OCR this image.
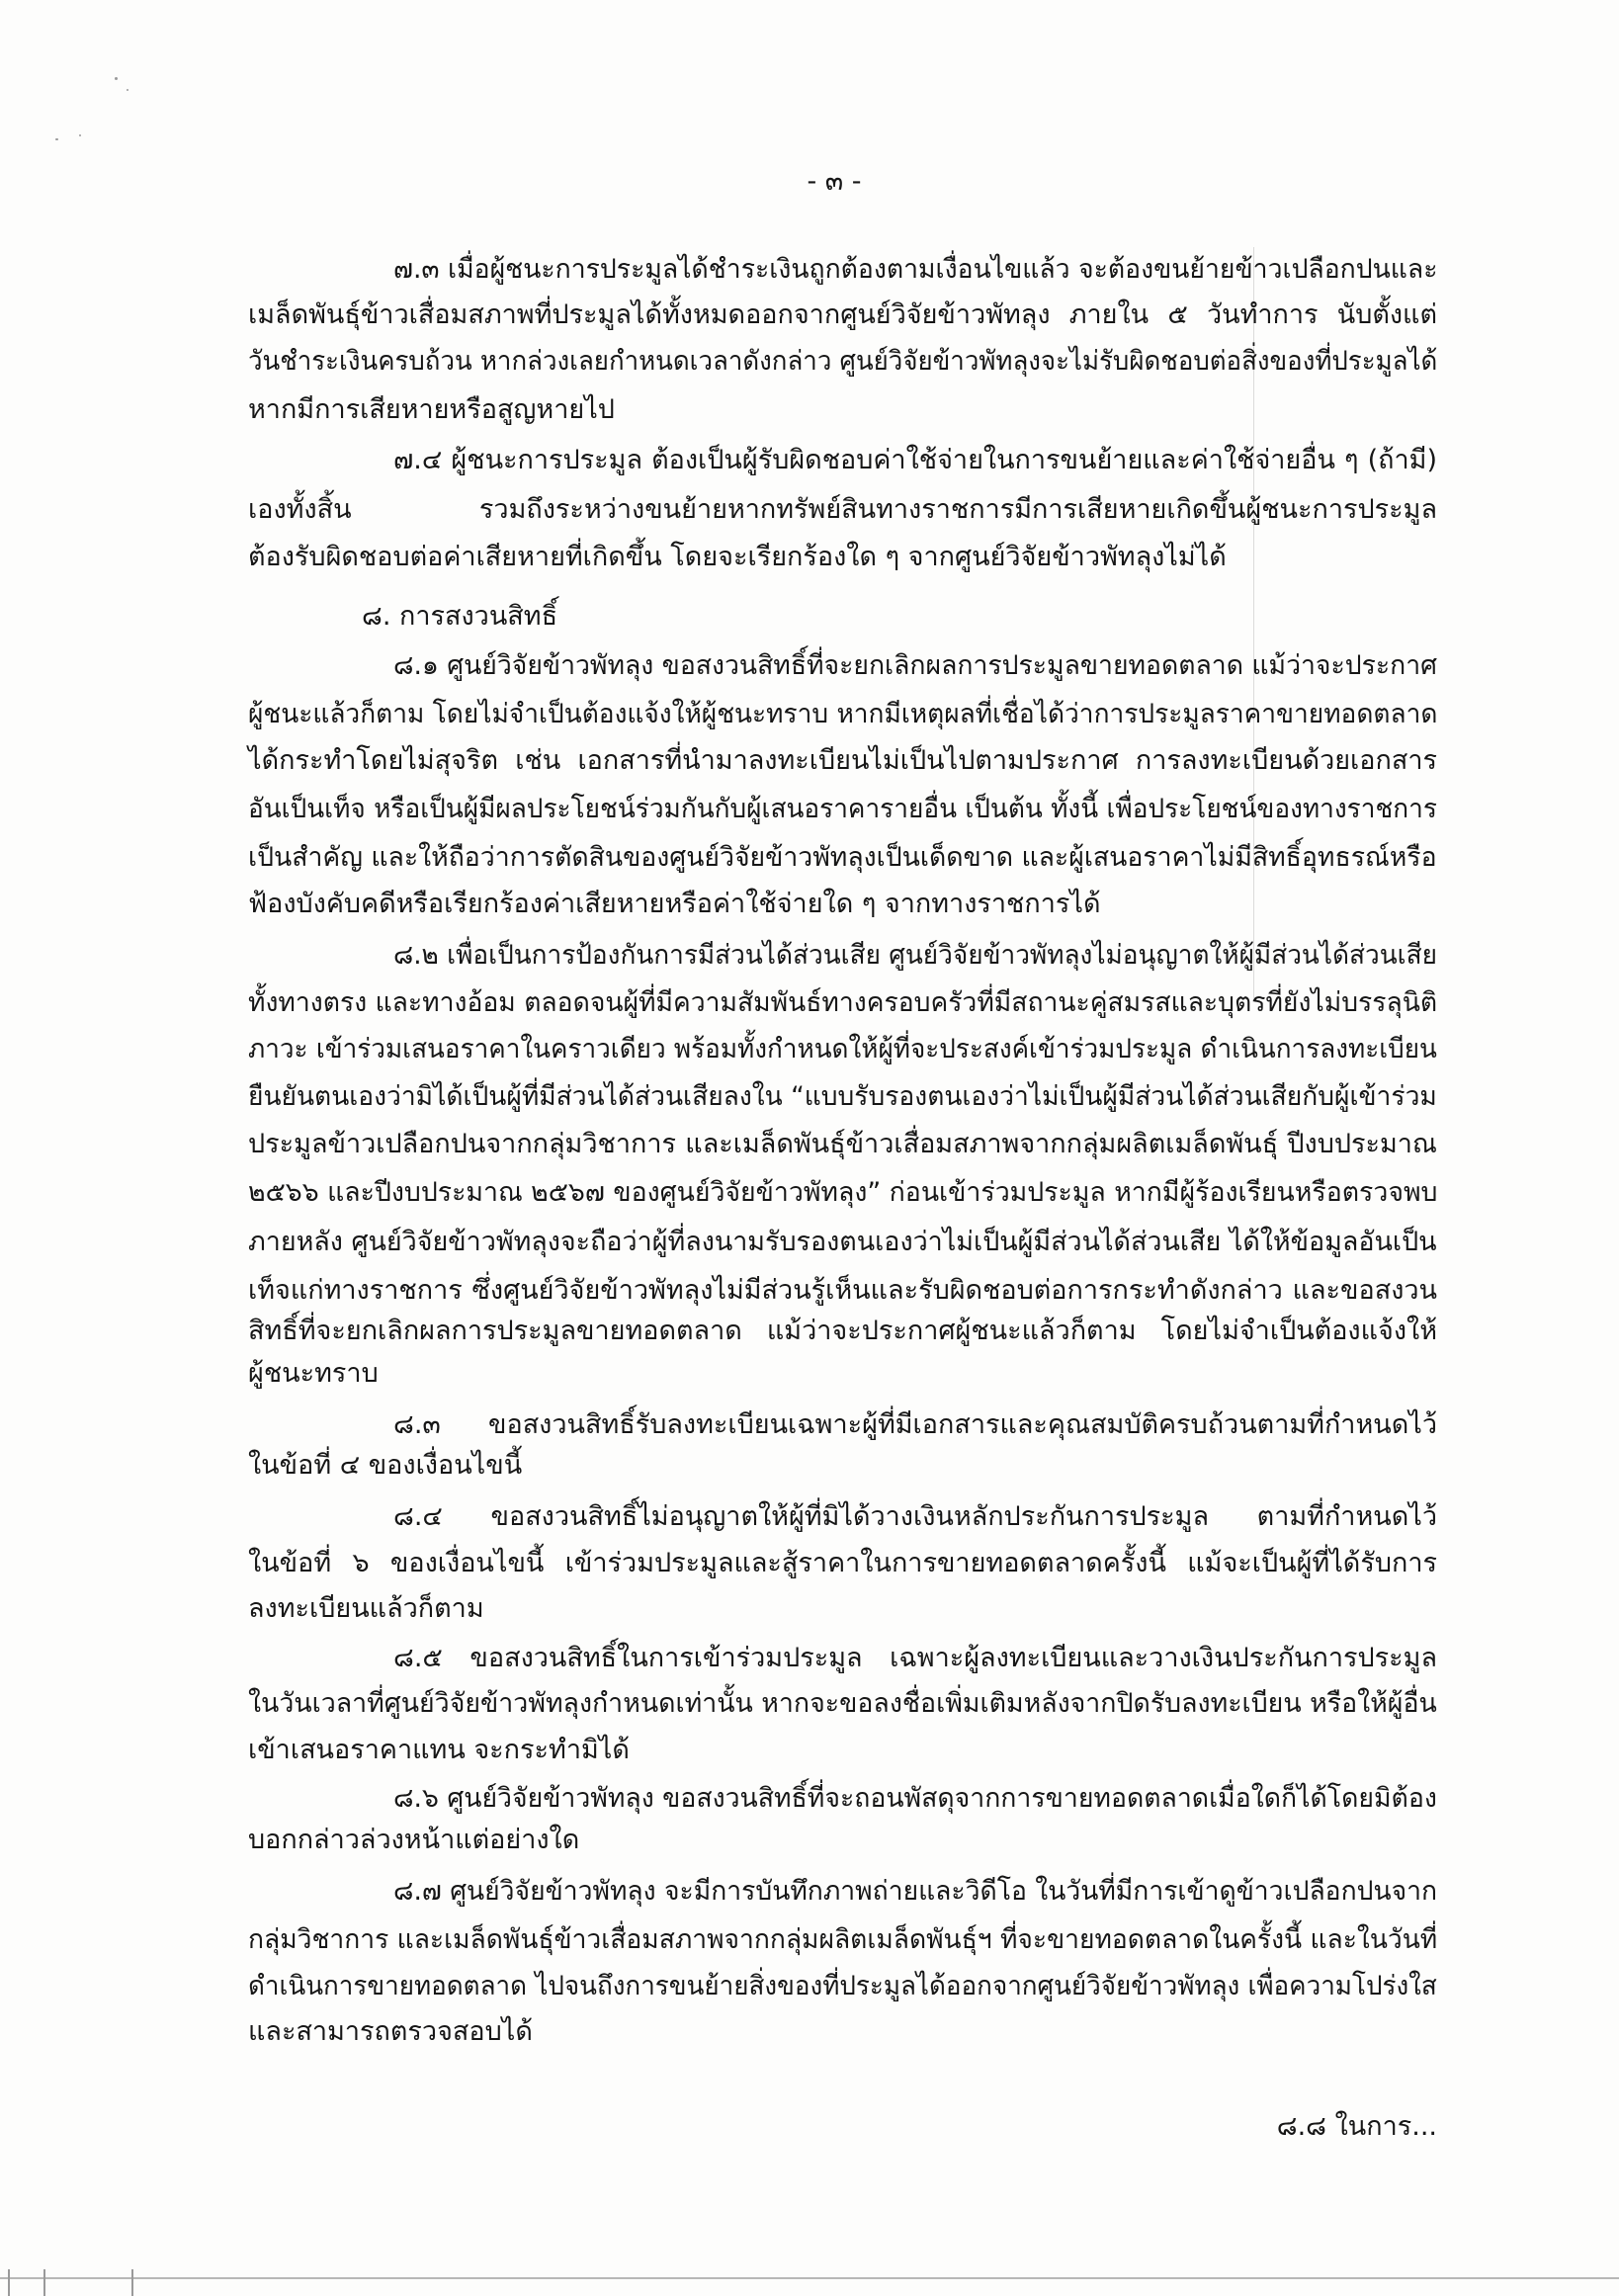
- ๓ -
๗.๓ เมื่อผู้ชนะการประมูลได้ชำระเงินถูกต้องตามเงื่อนไขแล้ว จะต้องขนย้ายข้าวเปลือกปนและ
เมล็ดพันธุ์ข้าวเสื่อมสภาพที่ประมูลได้ทั้งหมดออกจากศูนย์วิจัยข้าวพัทลุง ภายใน ๕ วันทำการ นับตั้งแต่
วันชำระเงินครบถ้วน หากล่วงเลยกำหนดเวลาดังกล่าว ศูนย์วิจัยข้าวพัทลุงจะไม่รับผิดชอบต่อสิ่งของที่ประมูลได้
หากมีการเสียหายหรือสูญหายไป
๗.๔ ผู้ชนะการประมูล ต้องเป็นผู้รับผิดชอบค่าใช้จ่ายในการขนย้ายและค่าใช้จ่ายอื่น ๆ (ถ้ามี)
เองทั้งสิ้น รวมถึงระหว่างขนย้ายหากทรัพย์สินทางราชการมีการเสียหายเกิดขึ้นผู้ชนะการประมูล
ต้องรับผิดชอบต่อค่าเสียหายที่เกิดขึ้น โดยจะเรียกร้องใด ๆ จากศูนย์วิจัยข้าวพัทลุงไม่ได้
๘. การสงวนสิทธิ์
๘.๑ ศูนย์วิจัยข้าวพัทลุง ขอสงวนสิทธิ์ที่จะยกเลิกผลการประมูลขายทอดตลาด แม้ว่าจะประกาศ
ผู้ชนะแล้วก็ตาม โดยไม่จำเป็นต้องแจ้งให้ผู้ชนะทราบ หากมีเหตุผลที่เชื่อได้ว่าการประมูลราคาขายทอดตลาด
ได้กระทำโดยไม่สุจริต เช่น เอกสารที่นำมาลงทะเบียนไม่เป็นไปตามประกาศ การลงทะเบียนด้วยเอกสาร
อันเป็นเท็จ หรือเป็นผู้มีผลประโยชน์ร่วมกันกับผู้เสนอราคารายอื่น เป็นต้น ทั้งนี้ เพื่อประโยชน์ของทางราชการ
เป็นสำคัญ และให้ถือว่าการตัดสินของศูนย์วิจัยข้าวพัทลุงเป็นเด็ดขาด และผู้เสนอราคาไม่มีสิทธิ์อุทธรณ์หรือ
ฟ้องบังคับคดีหรือเรียกร้องค่าเสียหายหรือค่าใช้จ่ายใด ๆ จากทางราชการได้
๘.๒ เพื่อเป็นการป้องกันการมีส่วนได้ส่วนเสีย ศูนย์วิจัยข้าวพัทลุงไม่อนุญาตให้ผู้มีส่วนได้ส่วนเสีย
ทั้งทางตรง และทางอ้อม ตลอดจนผู้ที่มีความสัมพันธ์ทางครอบครัวที่มีสถานะคู่สมรสและบุตรที่ยังไม่บรรลุนิติ
ภาวะ เข้าร่วมเสนอราคาในคราวเดียว พร้อมทั้งกำหนดให้ผู้ที่จะประสงค์เข้าร่วมประมูล ดำเนินการลงทะเบียน
ยืนยันตนเองว่ามิได้เป็นผู้ที่มีส่วนได้ส่วนเสียลงใน “แบบรับรองตนเองว่าไม่เป็นผู้มีส่วนได้ส่วนเสียกับผู้เข้าร่วม
ประมูลข้าวเปลือกปนจากกลุ่มวิชาการ และเมล็ดพันธุ์ข้าวเสื่อมสภาพจากกลุ่มผลิตเมล็ดพันธุ์ ปีงบประมาณ
๒๕๖๖ และปีงบประมาณ ๒๕๖๗ ของศูนย์วิจัยข้าวพัทลุง” ก่อนเข้าร่วมประมูล หากมีผู้ร้องเรียนหรือตรวจพบ
ภายหลัง ศูนย์วิจัยข้าวพัทลุงจะถือว่าผู้ที่ลงนามรับรองตนเองว่าไม่เป็นผู้มีส่วนได้ส่วนเสีย ได้ให้ข้อมูลอันเป็น
เท็จแก่ทางราชการ ซึ่งศูนย์วิจัยข้าวพัทลุงไม่มีส่วนรู้เห็นและรับผิดชอบต่อการกระทำดังกล่าว และขอสงวน
สิทธิ์ที่จะยกเลิกผลการประมูลขายทอดตลาด แม้ว่าจะประกาศผู้ชนะแล้วก็ตาม โดยไม่จำเป็นต้องแจ้งให้
ผู้ชนะทราบ
๘.๓ ขอสงวนสิทธิ์รับลงทะเบียนเฉพาะผู้ที่มีเอกสารและคุณสมบัติครบถ้วนตามที่กำหนดไว้
ในข้อที่ ๔ ของเงื่อนไขนี้
๘.๔ ขอสงวนสิทธิ์ไม่อนุญาตให้ผู้ที่มิได้วางเงินหลักประกันการประมูล ตามที่กำหนดไว้
ในข้อที่ ๖ ของเงื่อนไขนี้ เข้าร่วมประมูลและสู้ราคาในการขายทอดตลาดครั้งนี้ แม้จะเป็นผู้ที่ได้รับการ
ลงทะเบียนแล้วก็ตาม
๘.๕ ขอสงวนสิทธิ์ในการเข้าร่วมประมูล เฉพาะผู้ลงทะเบียนและวางเงินประกันการประมูล
ในวันเวลาที่ศูนย์วิจัยข้าวพัทลุงกำหนดเท่านั้น หากจะขอลงชื่อเพิ่มเติมหลังจากปิดรับลงทะเบียน หรือให้ผู้อื่น
เข้าเสนอราคาแทน จะกระทำมิได้
๘.๖ ศูนย์วิจัยข้าวพัทลุง ขอสงวนสิทธิ์ที่จะถอนพัสดุจากการขายทอดตลาดเมื่อใดก็ได้โดยมิต้อง
บอกกล่าวล่วงหน้าแต่อย่างใด
๘.๗ ศูนย์วิจัยข้าวพัทลุง จะมีการบันทึกภาพถ่ายและวิดีโอ ในวันที่มีการเข้าดูข้าวเปลือกปนจาก
กลุ่มวิชาการ และเมล็ดพันธุ์ข้าวเสื่อมสภาพจากกลุ่มผลิตเมล็ดพันธุ์ฯ ที่จะขายทอดตลาดในครั้งนี้ และในวันที่
ดำเนินการขายทอดตลาด ไปจนถึงการขนย้ายสิ่งของที่ประมูลได้ออกจากศูนย์วิจัยข้าวพัทลุง เพื่อความโปร่งใส
และสามารถตรวจสอบได้
๘.๘ ในการ...
